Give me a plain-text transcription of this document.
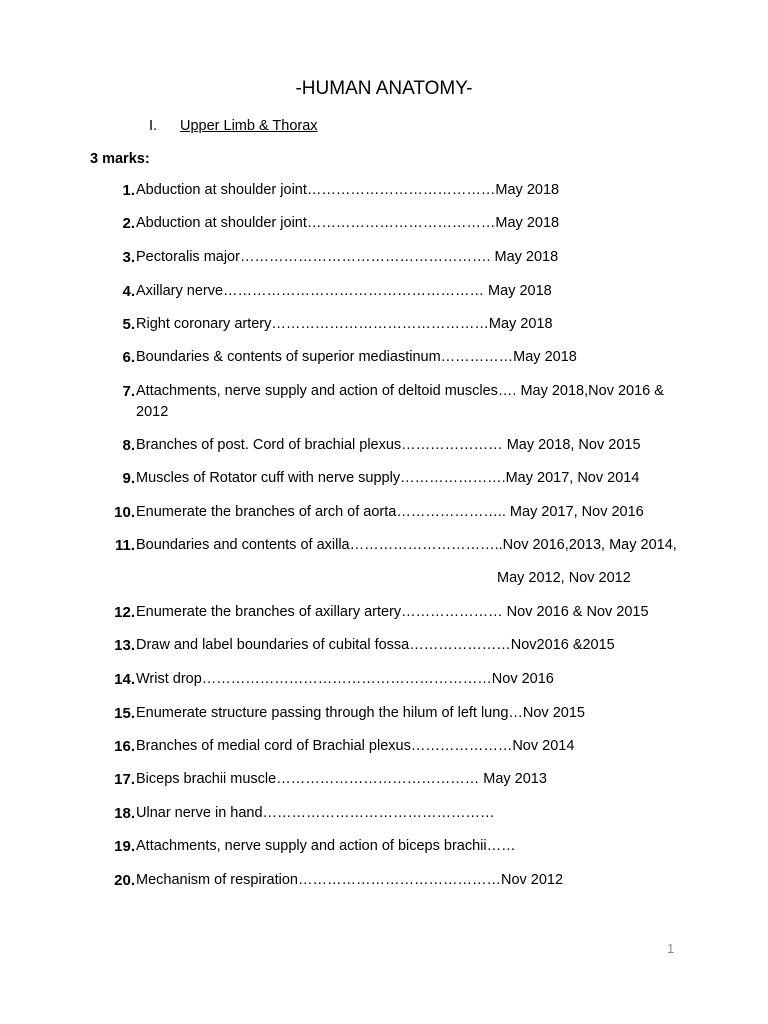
-HUMAN ANATOMY-
I. Upper Limb & Thorax
3 marks:
1. Abduction at shoulder joint…………………………………May 2018
2. Abduction at shoulder joint…………………………………May 2018
3. Pectoralis major……………………………………………. May 2018
4. Axillary nerve……………………………………………… May 2018
5. Right coronary artery………………………………………May 2018
6. Boundaries & contents of superior mediastinum……………May 2018
7. Attachments, nerve supply and action of deltoid muscles…. May 2018,Nov 2016 & 2012
8. Branches of post. Cord of brachial plexus………………… May 2018, Nov 2015
9. Muscles of Rotator cuff with nerve supply………………….May 2017, Nov 2014
10. Enumerate the branches of arch of aorta………………….. May 2017, Nov 2016
11. Boundaries and contents of axilla…………………………..Nov 2016,2013, May 2014,
May 2012, Nov 2012
12. Enumerate the branches of axillary artery………………… Nov 2016 & Nov 2015
13. Draw and label boundaries of cubital fossa…………………Nov2016 &2015
14. Wrist drop……………………………………………………Nov 2016
15. Enumerate structure passing through the hilum of left lung…Nov 2015
16. Branches of medial cord of Brachial plexus…………………Nov 2014
17. Biceps brachii muscle…………………………………… May 2013
18. Ulnar nerve in hand…………………………………………
19. Attachments, nerve supply and action of biceps brachii……
20. Mechanism of respiration……………………………………Nov 2012
1
